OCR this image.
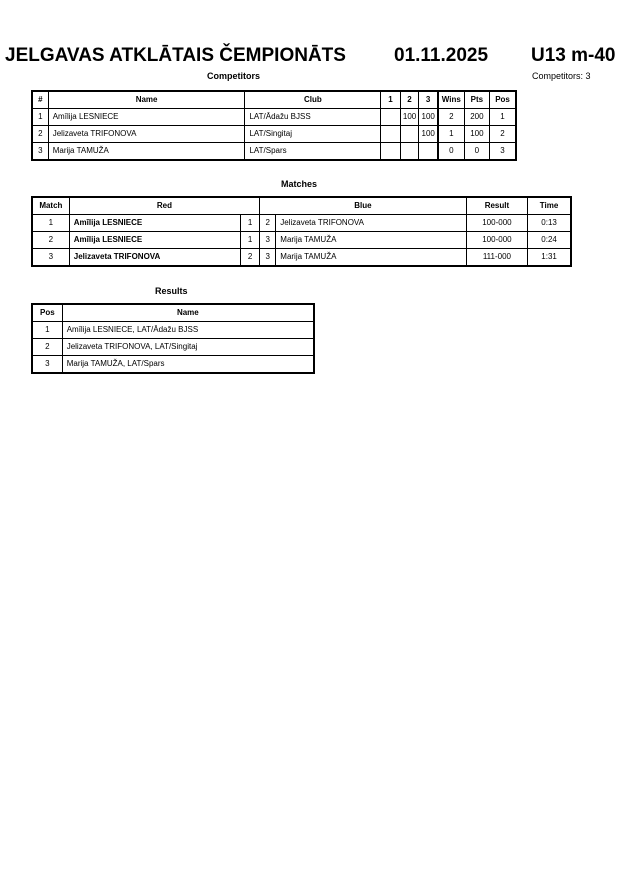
JELGAVAS ATKLĀTAIS ČEMPIONĀTS	01.11.2025 U13 m-40
Competitors	Competitors: 3
#	Name	Club	1	2	3	Wins	Pts	Pos
1	Amīlija LESNIECE	LAT/Ādažu BJSS		100	100	2	200	1
2	Jelizaveta TRIFONOVA	LAT/Singitaj			100	1	100	2
3	Marija TAMUŽA	LAT/Spars				0	0	3
Matches
Match	Red		Blue		Result	Time
1	Amīlija LESNIECE	1	2	Jelizaveta TRIFONOVA	100-000	0:13
2	Amīlija LESNIECE	1	3	Marija TAMUŽA	100-000	0:24
3	Jelizaveta TRIFONOVA	2	3	Marija TAMUŽA	111-000	1:31
Results
Pos	Name
1	Amīlija LESNIECE, LAT/Ādažu BJSS
2	Jelizaveta TRIFONOVA, LAT/Singitaj
3	Marija TAMUŽA, LAT/Spars
